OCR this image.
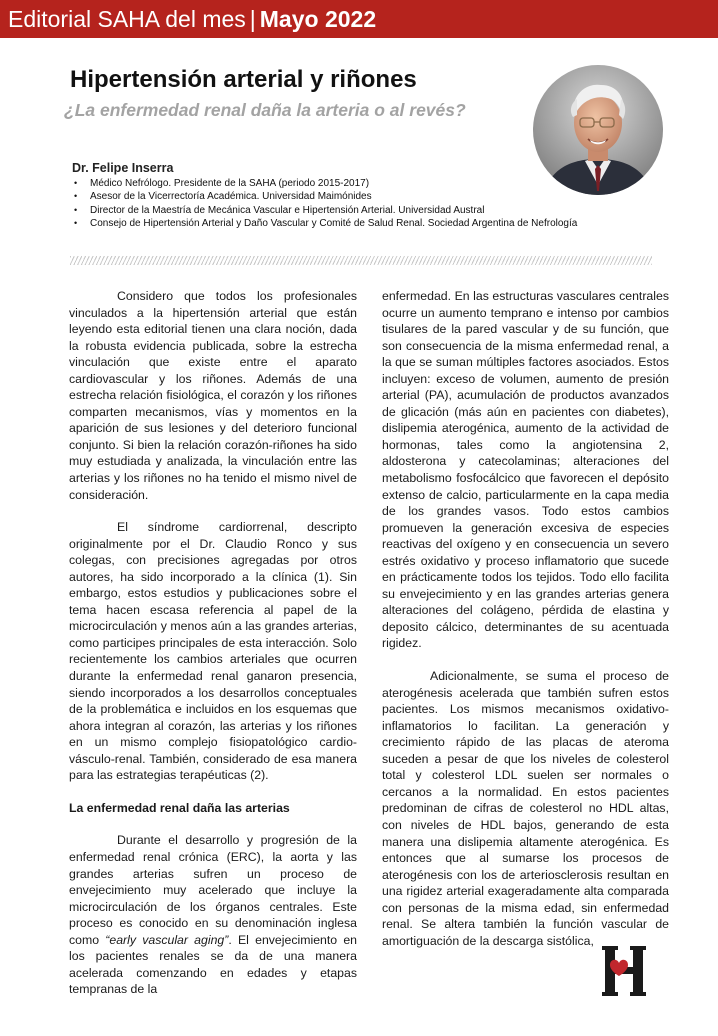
Editorial SAHA del mes | Mayo 2022
Hipertensión arterial y riñones

¿La enfermedad renal daña la arteria o al revés?

Dr. Felipe Inserra
• Médico Nefrólogo. Presidente de la SAHA (periodo 2015-2017)
• Asesor de la Vicerrectoría Académica. Universidad Maimónides
• Director de la Maestría de Mecánica Vascular e Hipertensión Arterial. Universidad Austral
• Consejo de Hipertensión Arterial y Daño Vascular y Comité de Salud Renal. Sociedad Argentina de Nefrología

Considero que todos los profesionales vinculados a la hipertensión arterial que están leyendo esta editorial tienen una clara noción, dada la robusta evidencia publicada, sobre la estrecha vinculación que existe entre el aparato cardiovascular y los riñones. Además de una estrecha relación fisiológica, el corazón y los riñones comparten mecanismos, vías y momentos en la aparición de sus lesiones y del deterioro funcional conjunto. Si bien la relación corazón-riñones ha sido muy estudiada y analizada, la vinculación entre las arterias y los riñones no ha tenido el mismo nivel de consideración.

El síndrome cardiorrenal, descripto originalmente por el Dr. Claudio Ronco y sus colegas, con precisiones agregadas por otros autores, ha sido incorporado a la clínica (1). Sin embargo, estos estudios y publicaciones sobre el tema hacen escasa referencia al papel de la microcirculación y menos aún a las grandes arterias, como participes principales de esta interacción. Solo recientemente los cambios arteriales que ocurren durante la enfermedad renal ganaron presencia, siendo incorporados a los desarrollos conceptuales de la problemática e incluidos en los esquemas que ahora integran al corazón, las arterias y los riñones en un mismo complejo fisiopatológico cardio-vásculo-renal. También, considerado de esa manera para las estrategias terapéuticas (2).

La enfermedad renal daña las arterias

Durante el desarrollo y progresión de la enfermedad renal crónica (ERC), la aorta y las grandes arterias sufren un proceso de envejecimiento muy acelerado que incluye la microcirculación de los órganos centrales. Este proceso es conocido en su denominación inglesa como “early vascular aging”. El envejecimiento en los pacientes renales se da de una manera acelerada comenzando en edades y etapas tempranas de la

enfermedad. En las estructuras vasculares centrales ocurre un aumento temprano e intenso por cambios tisulares de la pared vascular y de su función, que son consecuencia de la misma enfermedad renal, a la que se suman múltiples factores asociados. Estos incluyen: exceso de volumen, aumento de presión arterial (PA), acumulación de productos avanzados de glicación (más aún en pacientes con diabetes), dislipemia aterogénica, aumento de la actividad de hormonas, tales como la angiotensina 2, aldosterona y catecolaminas; alteraciones del metabolismo fosfocálcico que favorecen el depósito extenso de calcio, particularmente en la capa media de los grandes vasos. Todo estos cambios promueven la generación excesiva de especies reactivas del oxígeno y en consecuencia un severo estrés oxidativo y proceso inflamatorio que sucede en prácticamente todos los tejidos. Todo ello facilita su envejecimiento y en las grandes arterias genera alteraciones del colágeno, pérdida de elastina y deposito cálcico, determinantes de su acentuada rigidez.

Adicionalmente, se suma el proceso de aterogénesis acelerada que también sufren estos pacientes. Los mismos mecanismos oxidativo-inflamatorios lo facilitan. La generación y crecimiento rápido de las placas de ateroma suceden a pesar de que los niveles de colesterol total y colesterol LDL suelen ser normales o cercanos a la normalidad. En estos pacientes predominan de cifras de colesterol no HDL altas, con niveles de HDL bajos, generando de esta manera una dislipemia altamente aterogénica. Es entonces que al sumarse los procesos de aterogénesis con los de arteriosclerosis resultan en una rigidez arterial exageradamente alta comparada con personas de la misma edad, sin enfermedad renal. Se altera también la función vascular de amortiguación de la descarga sistólica,
